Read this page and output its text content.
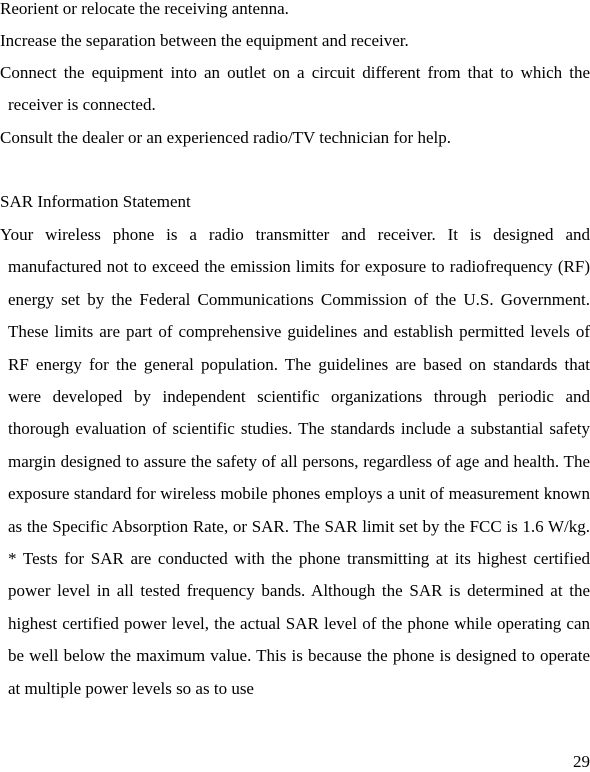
Reorient or relocate the receiving antenna.

Increase the separation between the equipment and receiver.

Connect the equipment into an outlet on a circuit different from that to which the receiver is connected.

Consult the dealer or an experienced radio/TV technician for help.

SAR Information Statement

Your wireless phone is a radio transmitter and receiver. It is designed and manufactured not to exceed the emission limits for exposure to radiofrequency (RF) energy set by the Federal Communications Commission of the U.S. Government. These limits are part of comprehensive guidelines and establish permitted levels of RF energy for the general population. The guidelines are based on standards that were developed by independent scientific organizations through periodic and thorough evaluation of scientific studies. The standards include a substantial safety margin designed to assure the safety of all persons, regardless of age and health. The exposure standard for wireless mobile phones employs a unit of measurement known as the Specific Absorption Rate, or SAR. The SAR limit set by the FCC is 1.6 W/kg. * Tests for SAR are conducted with the phone transmitting at its highest certified power level in all tested frequency bands. Although the SAR is determined at the highest certified power level, the actual SAR level of the phone while operating can be well below the maximum value. This is because the phone is designed to operate at multiple power levels so as to use

29
